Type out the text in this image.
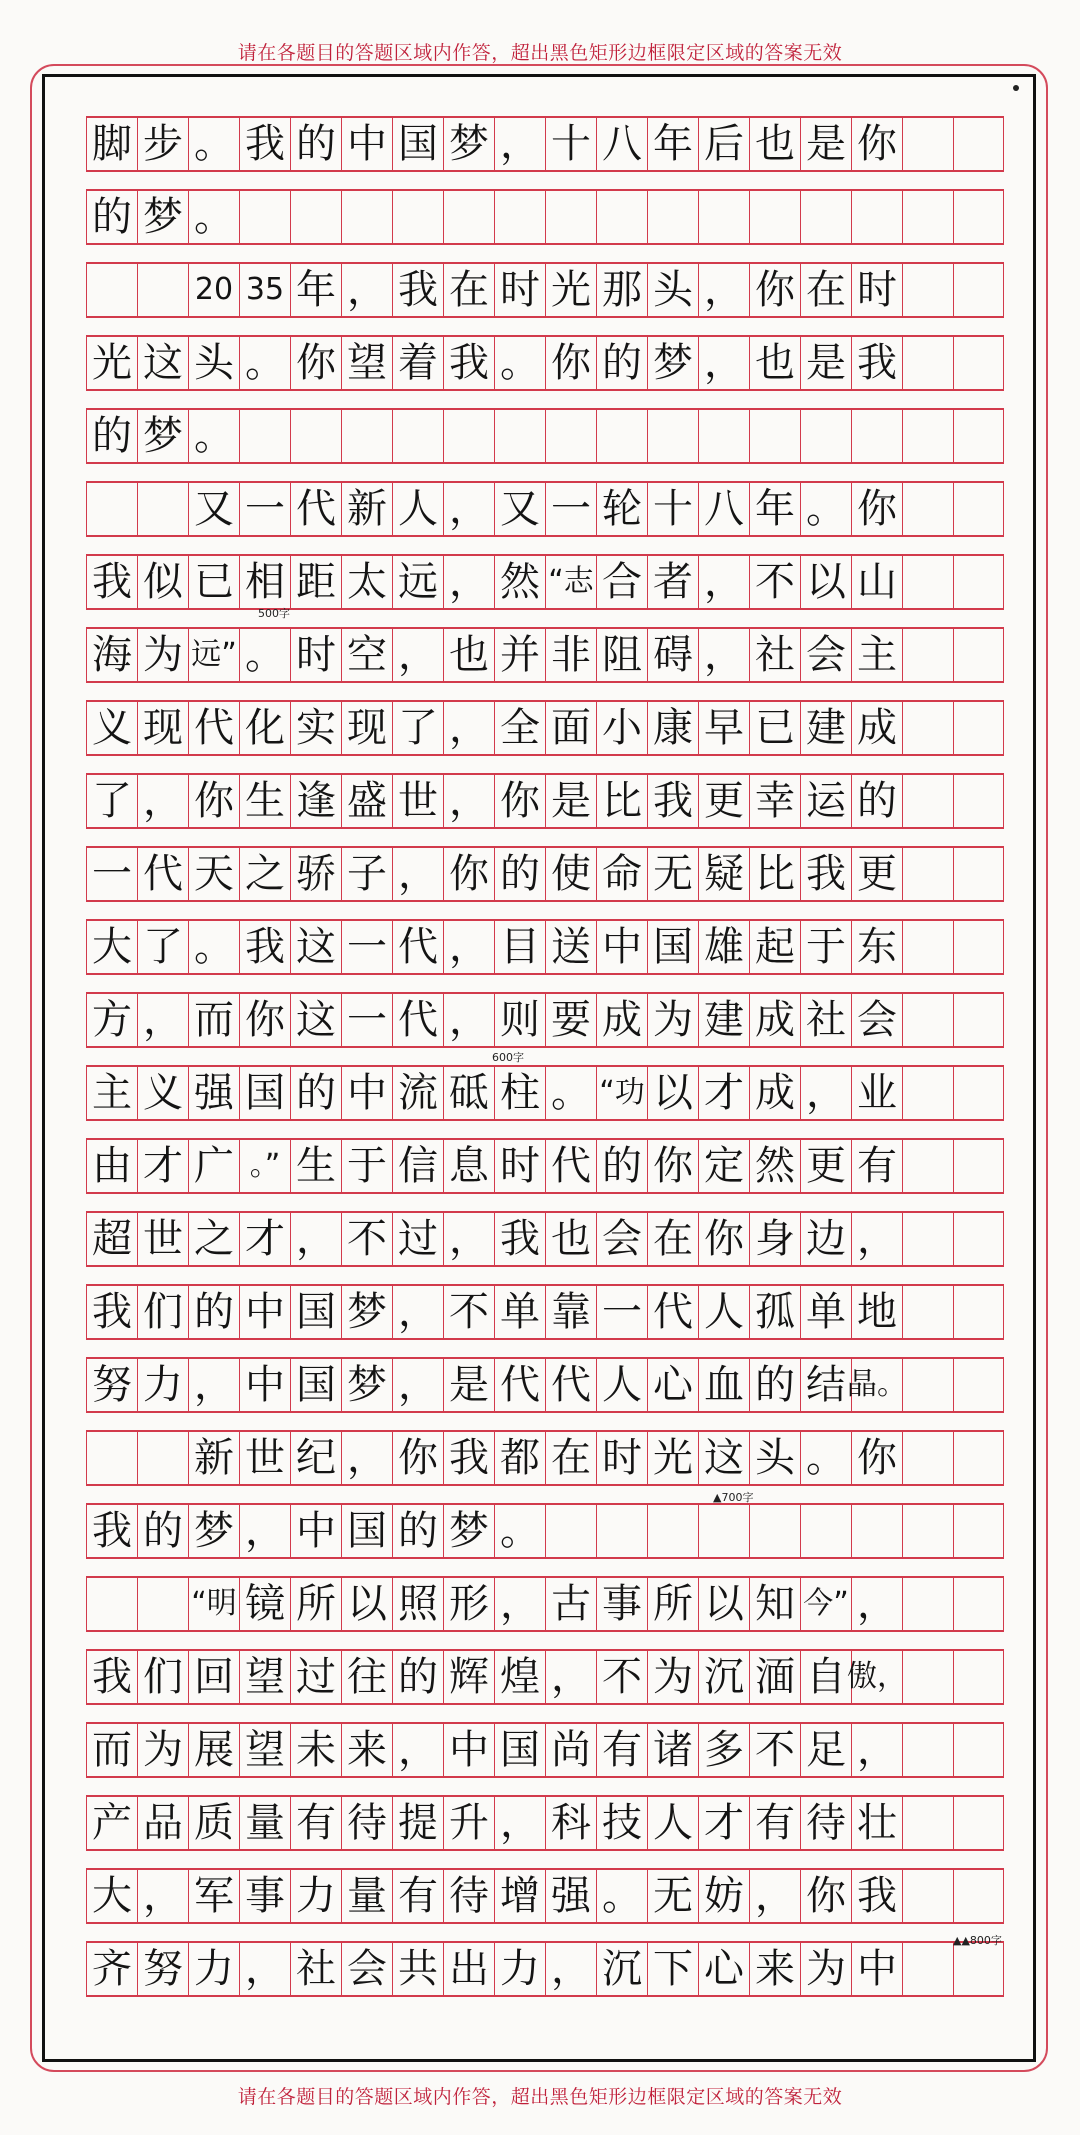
请在各题目的答题区域内作答，超出黑色矩形边框限定区域的答案无效
脚 步 。 我 的 中 国 梦 ， 十 八 年 后 也 是 你
的 梦 。
20 35 年 ， 我 在 时 光 那 头 ， 你 在 时
光 这 头 。 你 望 着 我 。 你 的 梦 ， 也 是 我
的 梦 。
又 一 代 新 人 ， 又 一 轮 十 八 年 。 你
我 似 已 相 距 太 远 ， 然 “志 合 者 ， 不 以 山
海 为 远” 。 时 空 ， 也 并 非 阻 碍 ， 社 会 主
义 现 代 化 实 现 了 ， 全 面 小 康 早 已 建 成
了 ， 你 生 逢 盛 世 ， 你 是 比 我 更 幸 运 的
一 代 天 之 骄 子 ， 你 的 使 命 无 疑 比 我 更
大 了 。 我 这 一 代 ， 目 送 中 国 雄 起 于 东
方 ， 而 你 这 一 代 ， 则 要 成 为 建 成 社 会
主 义 强 国 的 中 流 砥 柱 。 “功 以 才 成 ， 业
由 才 广 。” 生 于 信 息 时 代 的 你 定 然 更 有
超 世 之 才 ， 不 过 ， 我 也 会 在 你 身 边 ，
我 们 的 中 国 梦 ， 不 单 靠 一 代 人 孤 单 地
努 力 ， 中 国 梦 ， 是 代 代 人 心 血 的 结 晶。
新 世 纪 ， 你 我 都 在 时 光 这 头 。 你
我 的 梦 ， 中 国 的 梦 。
“明 镜 所 以 照 形 ， 古 事 所 以 知 今” ，
我 们 回 望 过 往 的 辉 煌 ， 不 为 沉 湎 自 傲，
而 为 展 望 未 来 ， 中 国 尚 有 诸 多 不 足 ，
产 品 质 量 有 待 提 升 ， 科 技 人 才 有 待 壮
大 ， 军 事 力 量 有 待 增 强 。 无 妨 ， 你 我
齐 努 力 ， 社 会 共 出 力 ， 沉 下 心 来 为 中
500字
600字
▲700字
▲▲800字
请在各题目的答题区域内作答，超出黑色矩形边框限定区域的答案无效
